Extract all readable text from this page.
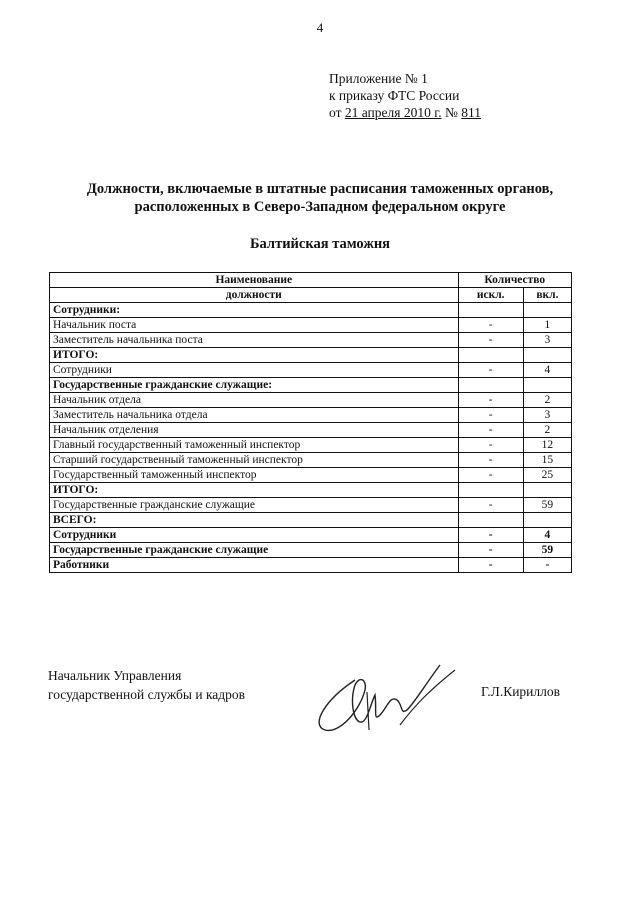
4
Приложение № 1
к приказу ФТС России
от 21 апреля 2010 г. № 811
Должности, включаемые в штатные расписания таможенных органов,
расположенных в Северо-Западном федеральном округе
Балтийская таможня
Наименование	Количество	
должности	искл.	вкл.
Сотрудники:		
Начальник поста	-	1
Заместитель начальника поста	-	3
ИТОГО:		
Сотрудники	-	4
Государственные гражданские служащие:		
Начальник отдела	-	2
Заместитель начальника отдела	-	3
Начальник отделения	-	2
Главный государственный таможенный инспектор	-	12
Старший государственный таможенный инспектор	-	15
Государственный таможенный инспектор	-	25
ИТОГО:		
Государственные гражданские служащие	-	59
ВСЕГО:		
Сотрудники	-	4
Государственные гражданские служащие	-	59
Работники	-	-
Начальник Управления
государственной службы и кадров	Г.Л.Кириллов
